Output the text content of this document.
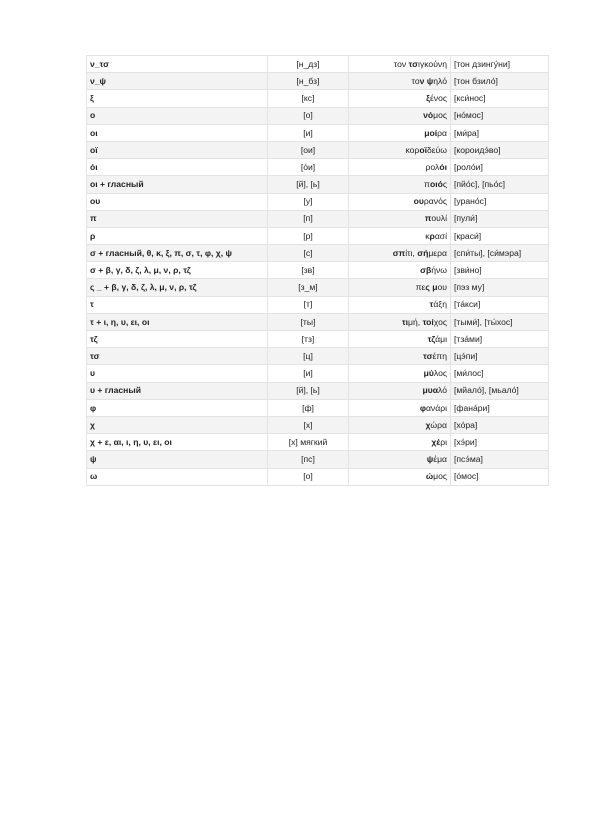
ν_τσ	[н_дз]	τον τσιγκούνη	[тон дзингу́ни]
ν_ψ	[н_бз]	τον ψηλό	[тон бзило́]
ξ	[кс]	ξένος	[кси́нос]
ο	[о]	νόμος	[но́мос]
οι	[и]	μοίρα	[ми́ра]
οϊ	[ои]	κοροϊδεύω	[короидэ́во]
όι	[о́и]	ρολόι	[роло́и]
οι + гласный	[й], [ь]	ποιός	[пйо́с], [пьо́с]
ου	[у]	ουρανός	[урано́с]
π	[п]	πουλί	[пули́]
ρ	[р]	κρασί	[краси́]
σ + гласный, θ, κ, ξ, π, σ, τ, φ, χ, ψ	[с]	σπίτι, σήμερα	[спи́ты], [си́мэра]
σ + β, γ, δ, ζ, λ, μ, ν, ρ, τζ	[зв]	σβήνω	[зви́но]
ς _ + β, γ, δ, ζ, λ, μ, ν, ρ, τζ	[з_м]	πες μου	[пэз му]
τ	[т]	τάξη	[та́кси]
τ + ι, η, υ, ει, οι	[ты]	τιμή, τοίχος	[тыми́], [ты́хос]
τζ	[тз]	τζάμι	[тза́ми]
τσ	[ц]	τσέπη	[цэ́пи]
υ	[и]	μύλος	[ми́лос]
υ + гласный	[й], [ь]	μυαλό	[мйало́], [мьало́]
φ	[ф]	φανάρι	[фана́ри]
χ	[х]	χώρα	[хо́ра]
χ + ε, αι, ι, η, υ, ει, οι	[х] мягкий	χέρι	[хэ́ри]
ψ	[пс]	ψέμα	[псэ́ма]
ω	[о]	ώμος	[о́мос]
